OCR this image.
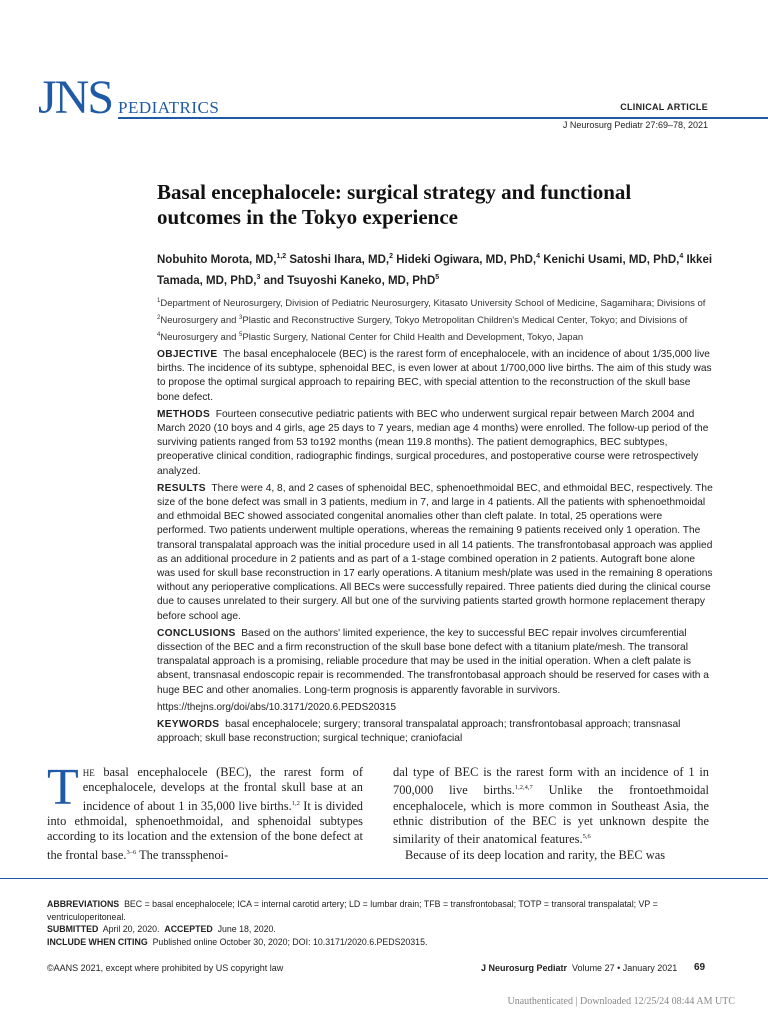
JNS PEDIATRICS	CLINICAL ARTICLE
J Neurosurg Pediatr 27:69–78, 2021
Basal encephalocele: surgical strategy and functional outcomes in the Tokyo experience
Nobuhito Morota, MD,$^{1,2}$ Satoshi Ihara, MD,$^2$ Hideki Ogiwara, MD, PhD,$^4$ Kenichi Usami, MD, PhD,$^4$ Ikkei Tamada, MD, PhD,$^3$ and Tsuyoshi Kaneko, MD, PhD$^5$
$^1$Department of Neurosurgery, Division of Pediatric Neurosurgery, Kitasato University School of Medicine, Sagamihara; Divisions of $^2$Neurosurgery and $^3$Plastic and Reconstructive Surgery, Tokyo Metropolitan Children's Medical Center, Tokyo; and Divisions of $^4$Neurosurgery and $^5$Plastic Surgery, National Center for Child Health and Development, Tokyo, Japan

OBJECTIVE The basal encephalocele (BEC) is the rarest form of encephalocele, with an incidence of about 1/35,000 live births. The incidence of its subtype, sphenoidal BEC, is even lower at about 1/700,000 live births. The aim of this study was to propose the optimal surgical approach to repairing BEC, with special attention to the reconstruction of the skull base bone defect.

METHODS Fourteen consecutive pediatric patients with BEC who underwent surgical repair between March 2004 and March 2020 (10 boys and 4 girls, age 25 days to 7 years, median age 4 months) were enrolled. The follow-up period of the surviving patients ranged from 53 to192 months (mean 119.8 months). The patient demographics, BEC subtypes, preoperative clinical condition, radiographic findings, surgical procedures, and postoperative course were retrospectively analyzed.

RESULTS There were 4, 8, and 2 cases of sphenoidal BEC, sphenoethmoidal BEC, and ethmoidal BEC, respectively. The size of the bone defect was small in 3 patients, medium in 7, and large in 4 patients. All the patients with sphenoethmoidal and ethmoidal BEC showed associated congenital anomalies other than cleft palate. In total, 25 operations were performed. Two patients underwent multiple operations, whereas the remaining 9 patients received only 1 operation. The transoral transpalatal approach was the initial procedure used in all 14 patients. The transfrontobasal approach was applied as an additional procedure in 2 patients and as part of a 1-stage combined operation in 2 patients. Autograft bone alone was used for skull base reconstruction in 17 early operations. A titanium mesh/plate was used in the remaining 8 operations without any perioperative complications. All BECs were successfully repaired. Three patients died during the clinical course due to causes unrelated to their surgery. All but one of the surviving patients started growth hormone replacement therapy before school age.

CONCLUSIONS Based on the authors' limited experience, the key to successful BEC repair involves circumferential dissection of the BEC and a firm reconstruction of the skull base bone defect with a titanium plate/mesh. The transoral transpalatal approach is a promising, reliable procedure that may be used in the initial operation. When a cleft palate is absent, transnasal endoscopic repair is recommended. The transfrontobasal approach should be reserved for cases with a huge BEC and other anomalies. Long-term prognosis is apparently favorable in survivors.

https://thejns.org/doi/abs/10.3171/2020.6.PEDS20315

KEYWORDS basal encephalocele; surgery; transoral transpalatal approach; transfrontobasal approach; transnasal approach; skull base reconstruction; surgical technique; craniofacial

The basal encephalocele (BEC), the rarest form of encephalocele, develops at the frontal skull base at an incidence of about 1 in 35,000 live births.$^{1,2}$ It is divided into ethmoidal, sphenoethmoidal, and sphenoidal subtypes according to its location and the extension of the bone defect at the frontal base.$^{3-6}$ The transsphenoi-

dal type of BEC is the rarest form with an incidence of 1 in 700,000 live births.$^{1,2,4,7}$ Unlike the frontoethmoidal encephalocele, which is more common in Southeast Asia, the ethnic distribution of the BEC is yet unknown despite the similarity of their anatomical features.$^{5,6}$

Because of its deep location and rarity, the BEC was

ABBREVIATIONS BEC = basal encephalocele; ICA = internal carotid artery; LD = lumbar drain; TFB = transfrontobasal; TOTP = transoral transpalatal; VP = ventriculoperitoneal.
SUBMITTED April 20, 2020. ACCEPTED June 18, 2020.
INCLUDE WHEN CITING Published online October 30, 2020; DOI: 10.3171/2020.6.PEDS20315.
©AANS 2021, except where prohibited by US copyright law	J Neurosurg Pediatr Volume 27 • January 2021 69
Unauthenticated | Downloaded 12/25/24 08:44 AM UTC
